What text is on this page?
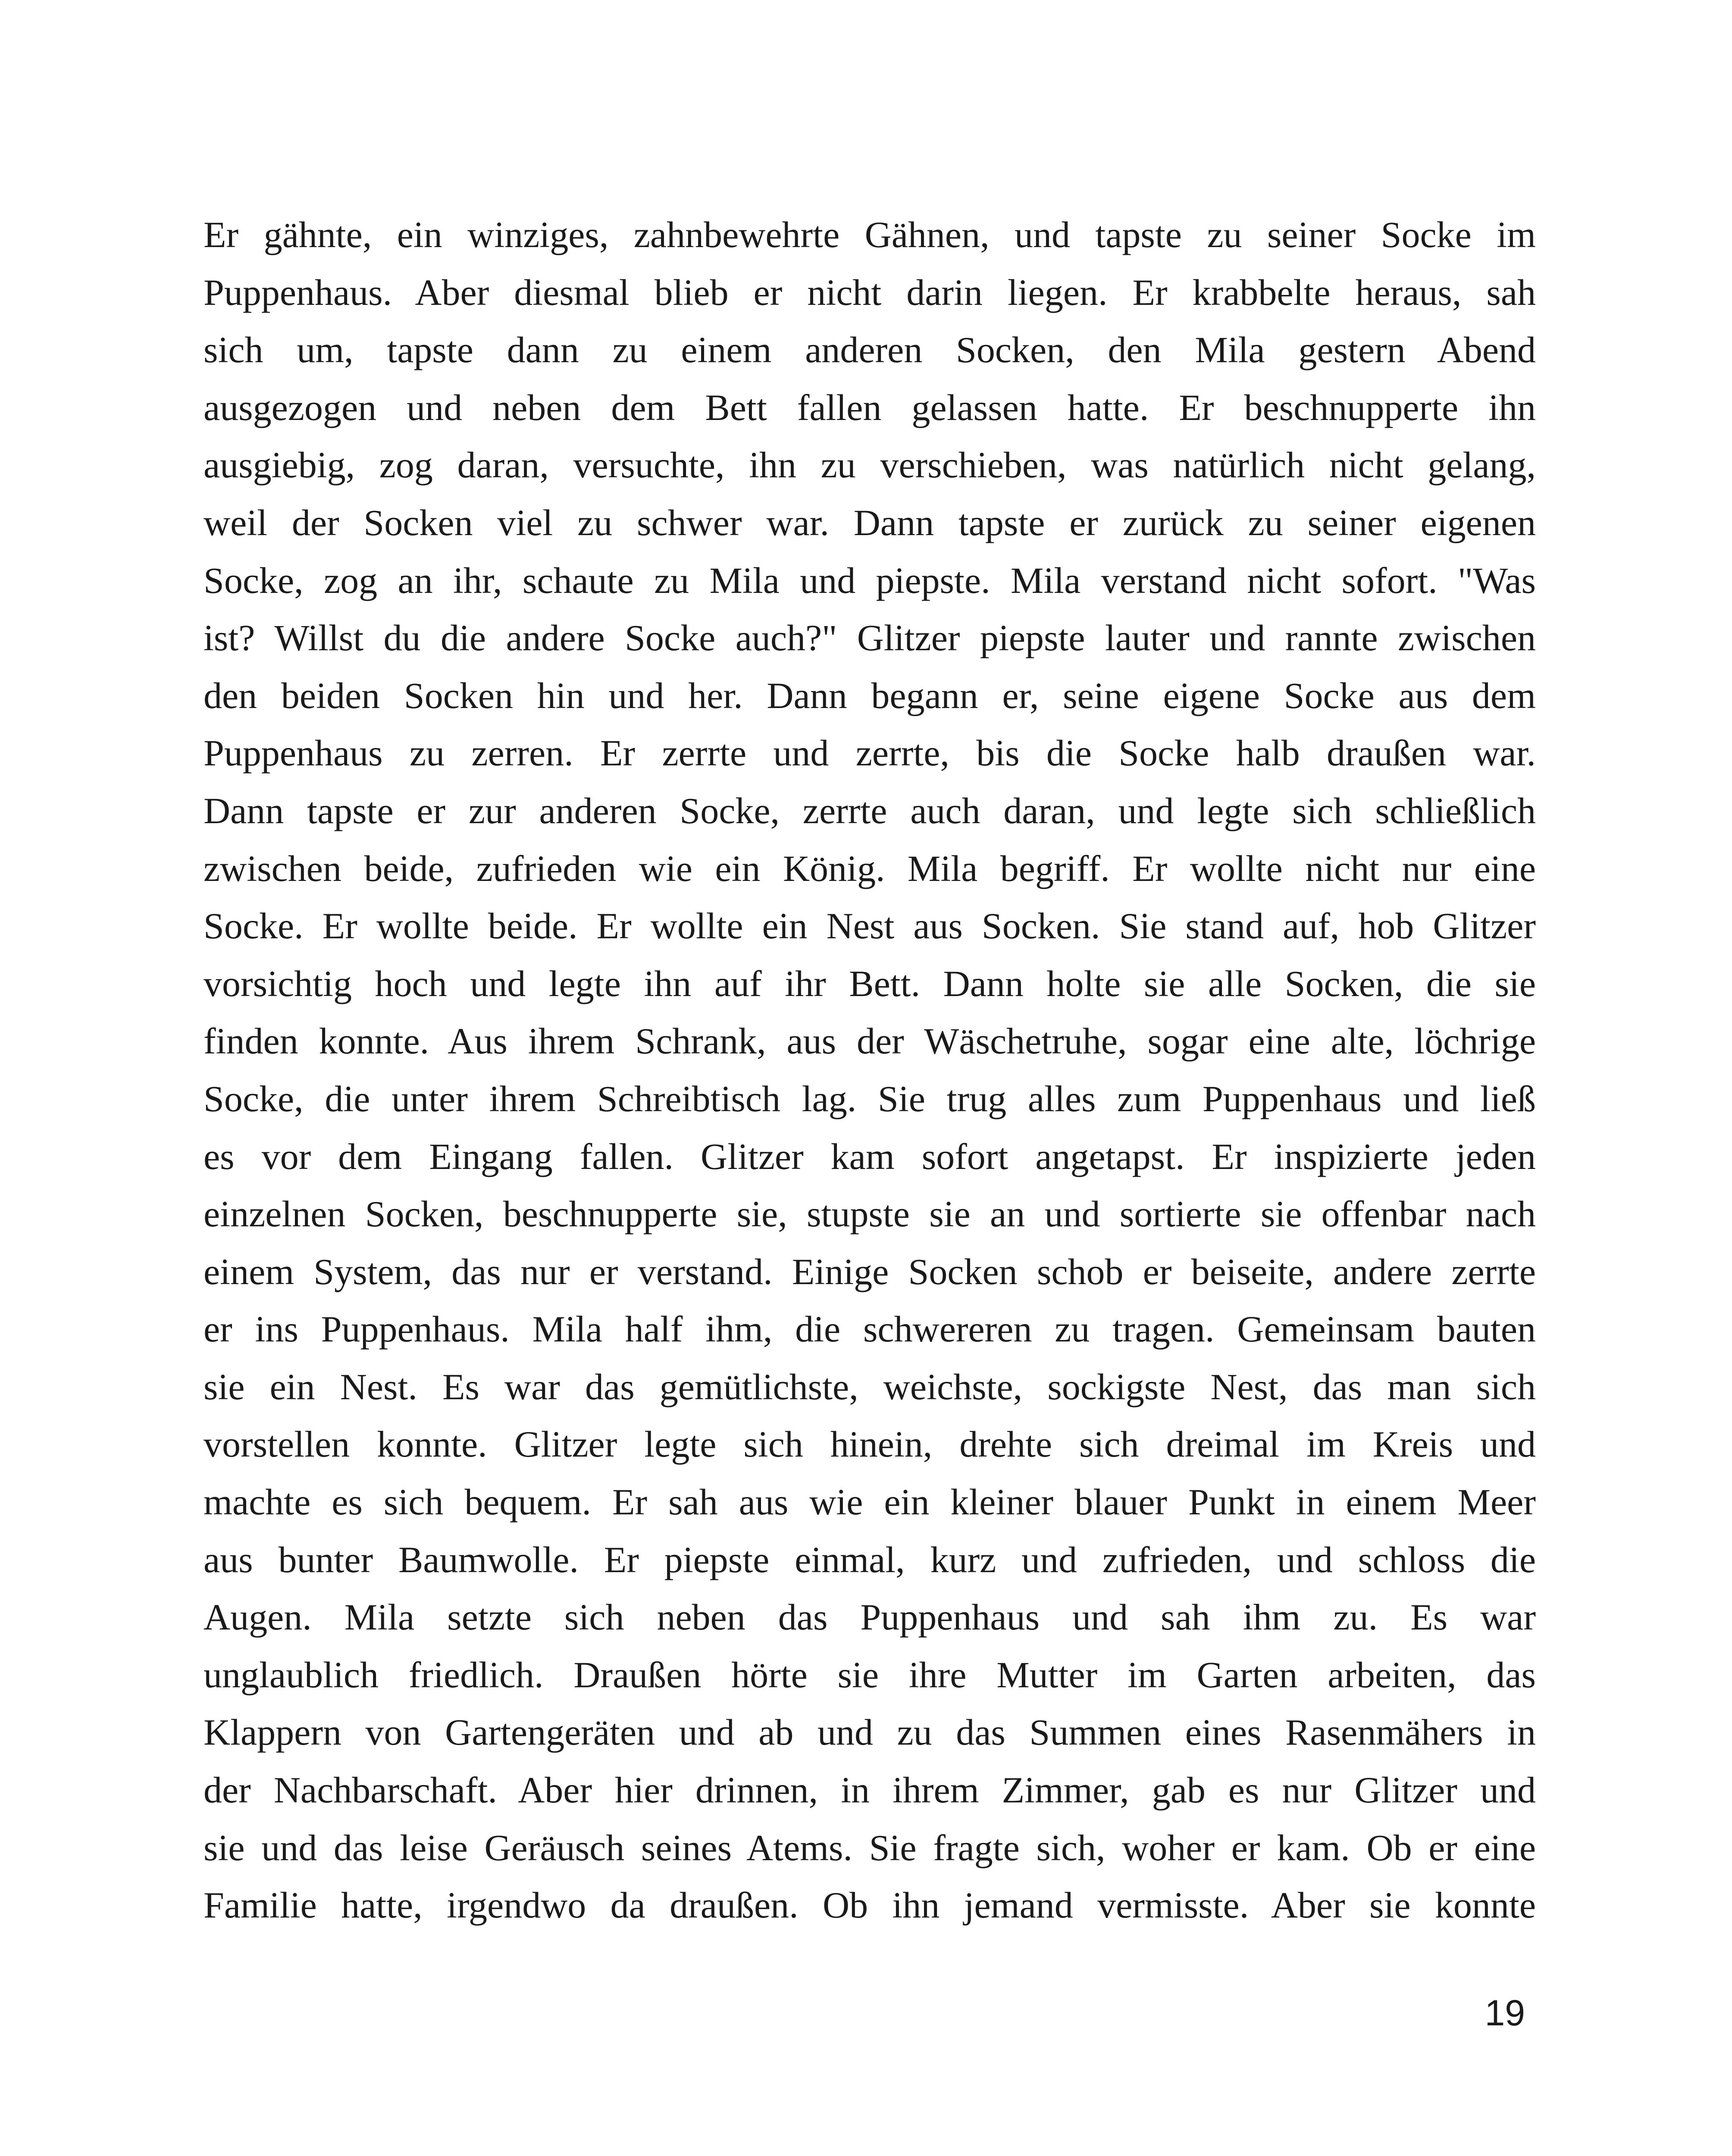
Er gähnte, ein winziges, zahnbewehrte Gähnen, und tapste zu seiner Socke im
Puppenhaus. Aber diesmal blieb er nicht darin liegen. Er krabbelte heraus, sah
sich um, tapste dann zu einem anderen Socken, den Mila gestern Abend
ausgezogen und neben dem Bett fallen gelassen hatte. Er beschnupperte ihn
ausgiebig, zog daran, versuchte, ihn zu verschieben, was natürlich nicht gelang,
weil der Socken viel zu schwer war. Dann tapste er zurück zu seiner eigenen
Socke, zog an ihr, schaute zu Mila und piepste. Mila verstand nicht sofort. "Was
ist? Willst du die andere Socke auch?" Glitzer piepste lauter und rannte zwischen
den beiden Socken hin und her. Dann begann er, seine eigene Socke aus dem
Puppenhaus zu zerren. Er zerrte und zerrte, bis die Socke halb draußen war.
Dann tapste er zur anderen Socke, zerrte auch daran, und legte sich schließlich
zwischen beide, zufrieden wie ein König. Mila begriff. Er wollte nicht nur eine
Socke. Er wollte beide. Er wollte ein Nest aus Socken. Sie stand auf, hob Glitzer
vorsichtig hoch und legte ihn auf ihr Bett. Dann holte sie alle Socken, die sie
finden konnte. Aus ihrem Schrank, aus der Wäschetruhe, sogar eine alte, löchrige
Socke, die unter ihrem Schreibtisch lag. Sie trug alles zum Puppenhaus und ließ
es vor dem Eingang fallen. Glitzer kam sofort angetapst. Er inspizierte jeden
einzelnen Socken, beschnupperte sie, stupste sie an und sortierte sie offenbar nach
einem System, das nur er verstand. Einige Socken schob er beiseite, andere zerrte
er ins Puppenhaus. Mila half ihm, die schwereren zu tragen. Gemeinsam bauten
sie ein Nest. Es war das gemütlichste, weichste, sockigste Nest, das man sich
vorstellen konnte. Glitzer legte sich hinein, drehte sich dreimal im Kreis und
machte es sich bequem. Er sah aus wie ein kleiner blauer Punkt in einem Meer
aus bunter Baumwolle. Er piepste einmal, kurz und zufrieden, und schloss die
Augen. Mila setzte sich neben das Puppenhaus und sah ihm zu. Es war
unglaublich friedlich. Draußen hörte sie ihre Mutter im Garten arbeiten, das
Klappern von Gartengeräten und ab und zu das Summen eines Rasenmähers in
der Nachbarschaft. Aber hier drinnen, in ihrem Zimmer, gab es nur Glitzer und
sie und das leise Geräusch seines Atems. Sie fragte sich, woher er kam. Ob er eine
Familie hatte, irgendwo da draußen. Ob ihn jemand vermisste. Aber sie konnte
19
